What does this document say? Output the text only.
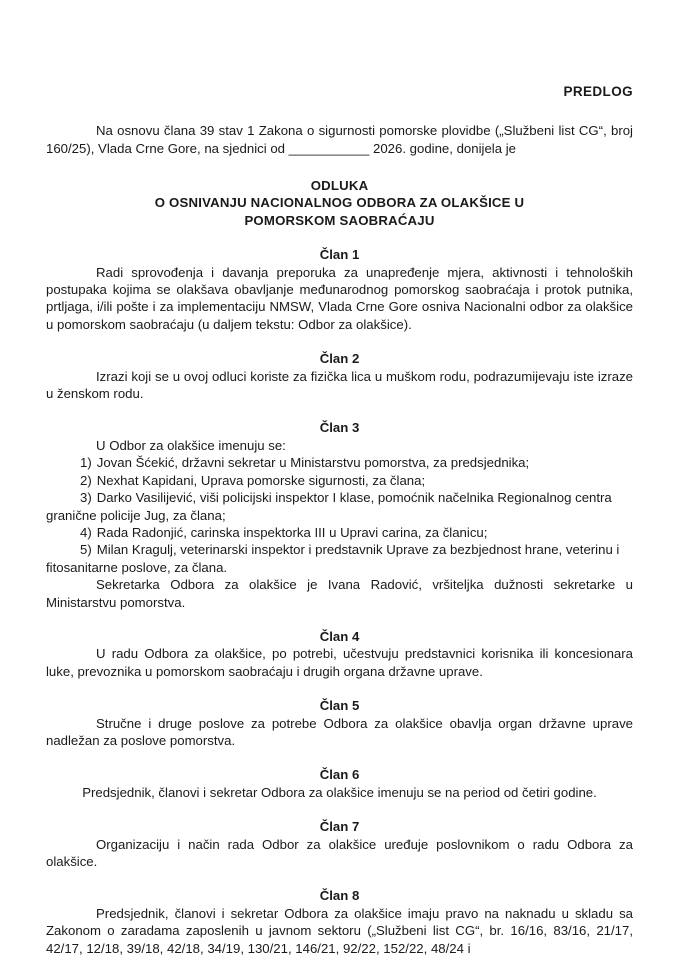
PREDLOG

Na osnovu člana 39 stav 1 Zakona o sigurnosti pomorske plovidbe („Službeni list CG“, broj 160/25), Vlada Crne Gore, na sjednici od ___________ 2026. godine, donijela je

ODLUKA
O OSNIVANJU NACIONALNOG ODBORA ZA OLAKŠICE U
POMORSKOM SAOBRAĆAJU
Član 1

Radi sprovođenja i davanja preporuka za unapređenje mjera, aktivnosti i tehnoloških postupaka kojima se olakšava obavljanje međunarodnog pomorskog saobraćaja i protok putnika, prtljaga, i/ili pošte i za implementaciju NMSW, Vlada Crne Gore osniva Nacionalni odbor za olakšice u pomorskom saobraćaju (u daljem tekstu: Odbor za olakšice).

Član 2

Izrazi koji se u ovoj odluci koriste za fizička lica u muškom rodu, podrazumijevaju iste izraze u ženskom rodu.

Član 3

U Odbor za olakšice imenuju se:

1) Jovan Šćekić, državni sekretar u Ministarstvu pomorstva, za predsjednika;

2) Nexhat Kapidani, Uprava pomorske sigurnosti, za člana;

3) Darko Vasilijević, viši policijski inspektor I klase, pomoćnik načelnika Regionalnog centra granične policije Jug, za člana;

4) Rada Radonjić, carinska inspektorka III u Upravi carina, za članicu;

5) Milan Kragulj, veterinarski inspektor i predstavnik Uprave za bezbjednost hrane, veterinu i fitosanitarne poslove, za člana.

Sekretarka Odbora za olakšice je Ivana Radović, vršiteljka dužnosti sekretarke u Ministarstvu pomorstva.

Član 4

U radu Odbora za olakšice, po potrebi, učestvuju predstavnici korisnika ili koncesionara luke, prevoznika u pomorskom saobraćaju i drugih organa državne uprave.

Član 5

Stručne i druge poslove za potrebe Odbora za olakšice obavlja organ državne uprave nadležan za poslove pomorstva.

Član 6

Predsjednik, članovi i sekretar Odbora za olakšice imenuju se na period od četiri godine.

Član 7

Organizaciju i način rada Odbor za olakšice uređuje poslovnikom o radu Odbora za olakšice.

Član 8

Predsjednik, članovi i sekretar Odbora za olakšice imaju pravo na naknadu u skladu sa Zakonom o zaradama zaposlenih u javnom sektoru („Službeni list CG“, br. 16/16, 83/16, 21/17, 42/17, 12/18, 39/18, 42/18, 34/19, 130/21, 146/21, 92/22, 152/22, 48/24 i
